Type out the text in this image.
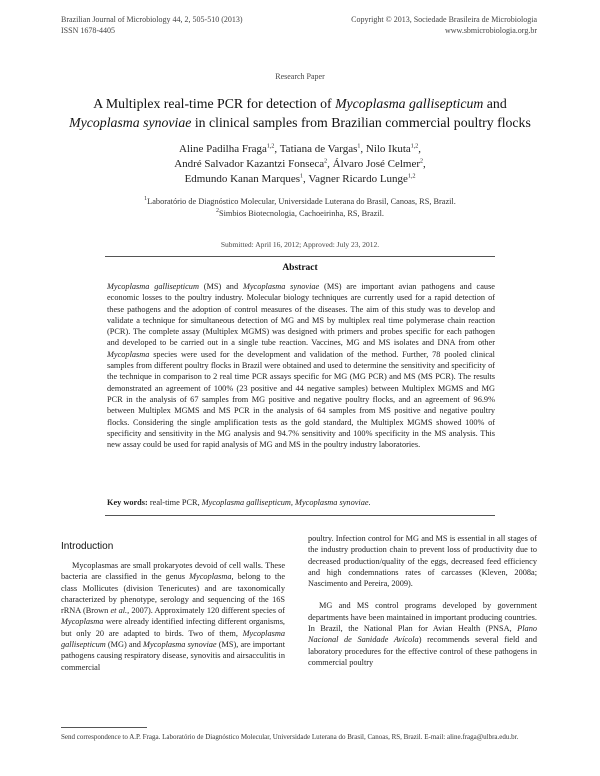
Brazilian Journal of Microbiology 44, 2, 505-510 (2013)
ISSN 1678-4405
Copyright © 2013, Sociedade Brasileira de Microbiologia
www.sbmicrobiologia.org.br
Research Paper
A Multiplex real-time PCR for detection of Mycoplasma gallisepticum and
Mycoplasma synoviae in clinical samples from Brazilian commercial poultry flocks
Aline Padilha Fraga$^{1,2}$, Tatiana de Vargas$^1$, Nilo Ikuta$^{1,2}$,
André Salvador Kazantzi Fonseca$^2$, Álvaro José Celmer$^2$,
Edmundo Kanan Marques$^1$, Vagner Ricardo Lunge$^{1,2}$
$^1$Laboratório de Diagnóstico Molecular, Universidade Luterana do Brasil, Canoas, RS, Brazil.
$^2$Simbios Biotecnologia, Cachoeirinha, RS, Brazil.
Submitted: April 16, 2012; Approved: July 23, 2012.
Abstract
Mycoplasma gallisepticum (MS) and Mycoplasma synoviae (MS) are important avian pathogens and cause economic losses to the poultry industry. Molecular biology techniques are currently used for a rapid detection of these pathogens and the adoption of control measures of the diseases. The aim of this study was to develop and validate a technique for simultaneous detection of MG and MS by multiplex real time polymerase chain reaction (PCR). The complete assay (Multiplex MGMS) was designed with primers and probes specific for each pathogen and developed to be carried out in a single tube reaction. Vaccines, MG and MS isolates and DNA from other Mycoplasma species were used for the development and validation of the method. Further, 78 pooled clinical samples from different poultry flocks in Brazil were obtained and used to determine the sensitivity and specificity of the technique in comparison to 2 real time PCR assays specific for MG (MG PCR) and MS (MS PCR). The results demonstrated an agreement of 100% (23 positive and 44 negative samples) between Multiplex MGMS and MG PCR in the analysis of 67 samples from MG positive and negative poultry flocks, and an agreement of 96.9% between Multiplex MGMS and MS PCR in the analysis of 64 samples from MS positive and negative poultry flocks. Considering the single amplification tests as the gold standard, the Multiplex MGMS showed 100% of specificity and sensitivity in the MG analysis and 94.7% sensitivity and 100% specificity in the MS analysis. This new assay could be used for rapid analysis of MG and MS in the poultry industry laboratories.
Key words: real-time PCR, Mycoplasma gallisepticum, Mycoplasma synoviae.
Introduction

Mycoplasmas are small prokaryotes devoid of cell walls. These bacteria are classified in the genus Mycoplasma, belong to the class Mollicutes (division Tenericutes) and are taxonomically characterized by phenotype, serology and sequencing of the 16S rRNA (Brown et al., 2007). Approximately 120 different species of Mycoplasma were already identified infecting different organisms, but only 20 are adapted to birds. Two of them, Mycoplasma gallisepticum (MG) and Mycoplasma synoviae (MS), are important pathogens causing respiratory disease, synovitis and airsacculitis in commercial

poultry. Infection control for MG and MS is essential in all stages of the industry production chain to prevent loss of productivity due to decreased production/quality of the eggs, decreased feed efficiency and high condemnations rates of carcasses (Kleven, 2008a; Nascimento and Pereira, 2009).

MG and MS control programs developed by government departments have been maintained in important producing countries. In Brazil, the National Plan for Avian Health (PNSA, Plano Nacional de Sanidade Avícola) recommends several field and laboratory procedures for the effective control of these pathogens in commercial poultry

Send correspondence to A.P. Fraga. Laboratório de Diagnóstico Molecular, Universidade Luterana do Brasil, Canoas, RS, Brazil. E-mail: aline.fraga@ulbra.edu.br.
